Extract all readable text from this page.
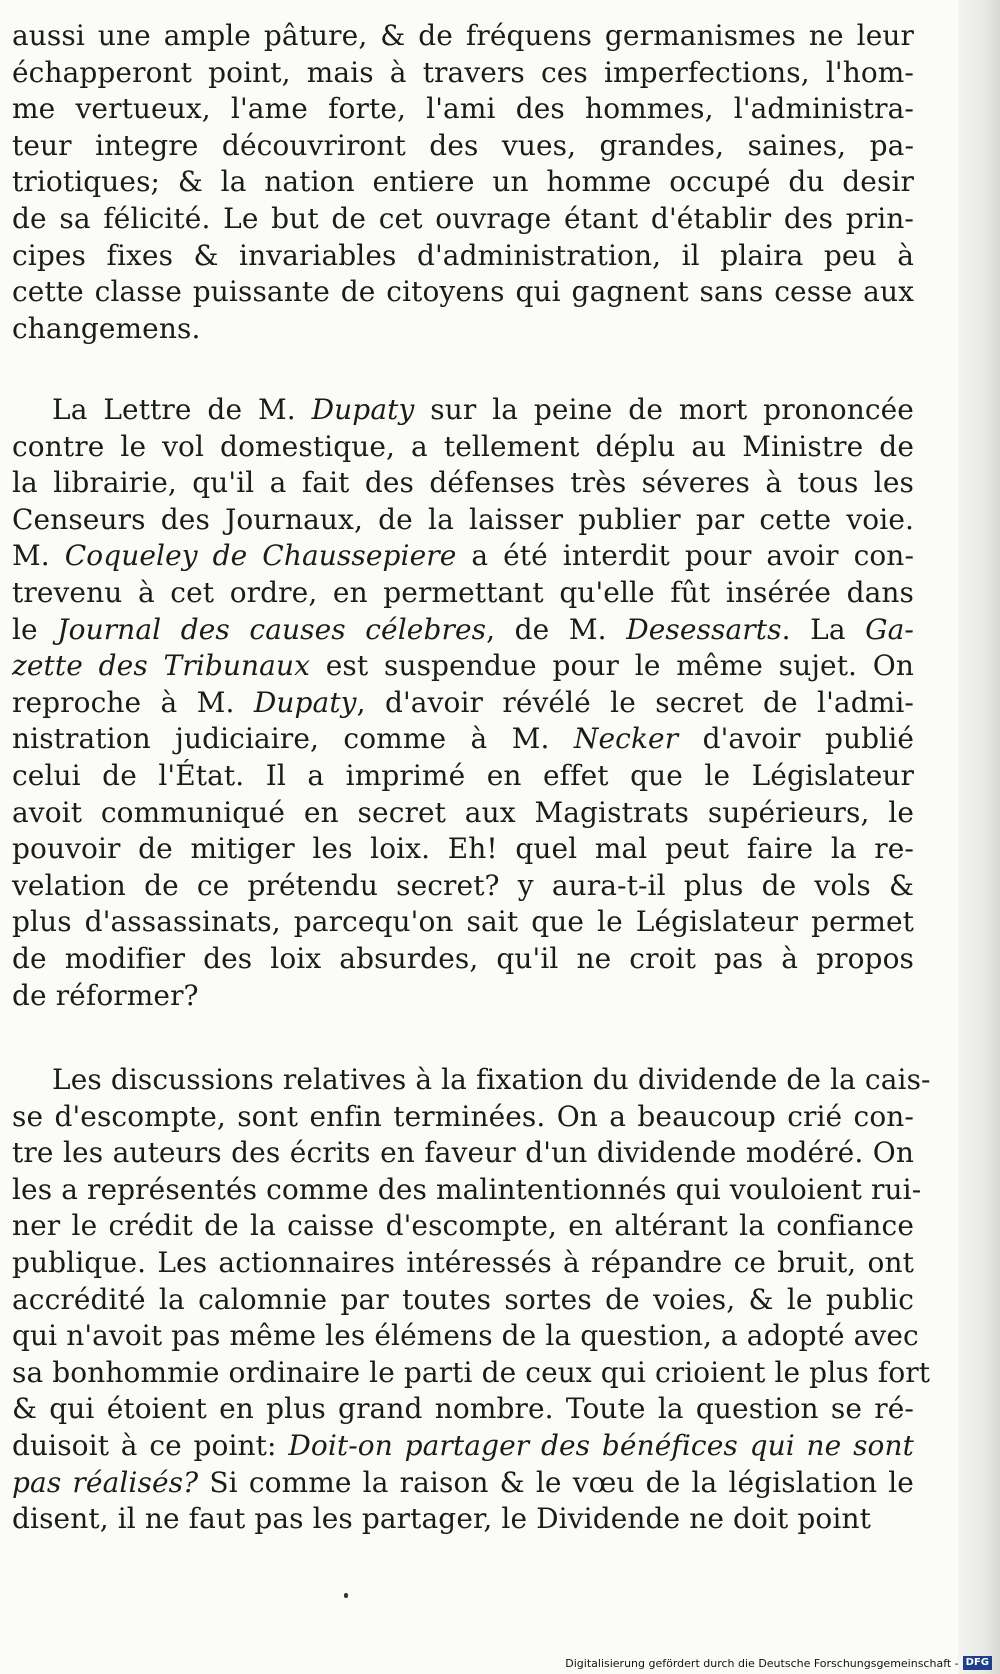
aussi une ample pâture, & de fréquens germanismes ne leur
échapperont point, mais à travers ces imperfections, l'hom-
me vertueux, l'ame forte, l'ami des hommes, l'administra-
teur integre découvriront des vues, grandes, saines, pa-
triotiques; & la nation entiere un homme occupé du desir
de sa félicité. Le but de cet ouvrage étant d'établir des prin-
cipes fixes & invariables d'administration, il plaira peu à
cette classe puissante de citoyens qui gagnent sans cesse aux
changemens.
La Lettre de M. Dupaty sur la peine de mort prononcée
contre le vol domestique, a tellement déplu au Ministre de
la librairie, qu'il a fait des défenses très séveres à tous les
Censeurs des Journaux, de la laisser publier par cette voie.
M. Coqueley de Chaussepiere a été interdit pour avoir con-
trevenu à cet ordre, en permettant qu'elle fût insérée dans
le Journal des causes célebres, de M. Desessarts. La Ga-
zette des Tribunaux est suspendue pour le même sujet. On
reproche à M. Dupaty, d'avoir révélé le secret de l'admi-
nistration judiciaire, comme à M. Necker d'avoir publié
celui de l'État. Il a imprimé en effet que le Législateur
avoit communiqué en secret aux Magistrats supérieurs, le
pouvoir de mitiger les loix. Eh! quel mal peut faire la re-
velation de ce prétendu secret? y aura-t-il plus de vols &
plus d'assassinats, parcequ'on sait que le Législateur permet
de modifier des loix absurdes, qu'il ne croit pas à propos
de réformer?
Les discussions relatives à la fixation du dividende de la cais-
se d'escompte, sont enfin terminées. On a beaucoup crié con-
tre les auteurs des écrits en faveur d'un dividende modéré. On
les a représentés comme des malintentionnés qui vouloient rui-
ner le crédit de la caisse d'escompte, en altérant la confiance
publique. Les actionnaires intéressés à répandre ce bruit, ont
accrédité la calomnie par toutes sortes de voies, & le public
qui n'avoit pas même les élémens de la question, a adopté avec
sa bonhommie ordinaire le parti de ceux qui crioient le plus fort
& qui étoient en plus grand nombre. Toute la question se ré-
duisoit à ce point: Doit-on partager des bénéfices qui ne sont
pas réalisés? Si comme la raison & le vœu de la législation le
disent, il ne faut pas les partager, le Dividende ne doit point
Digitalisierung gefördert durch die Deutsche Forschungsgemeinschaft - DFG
